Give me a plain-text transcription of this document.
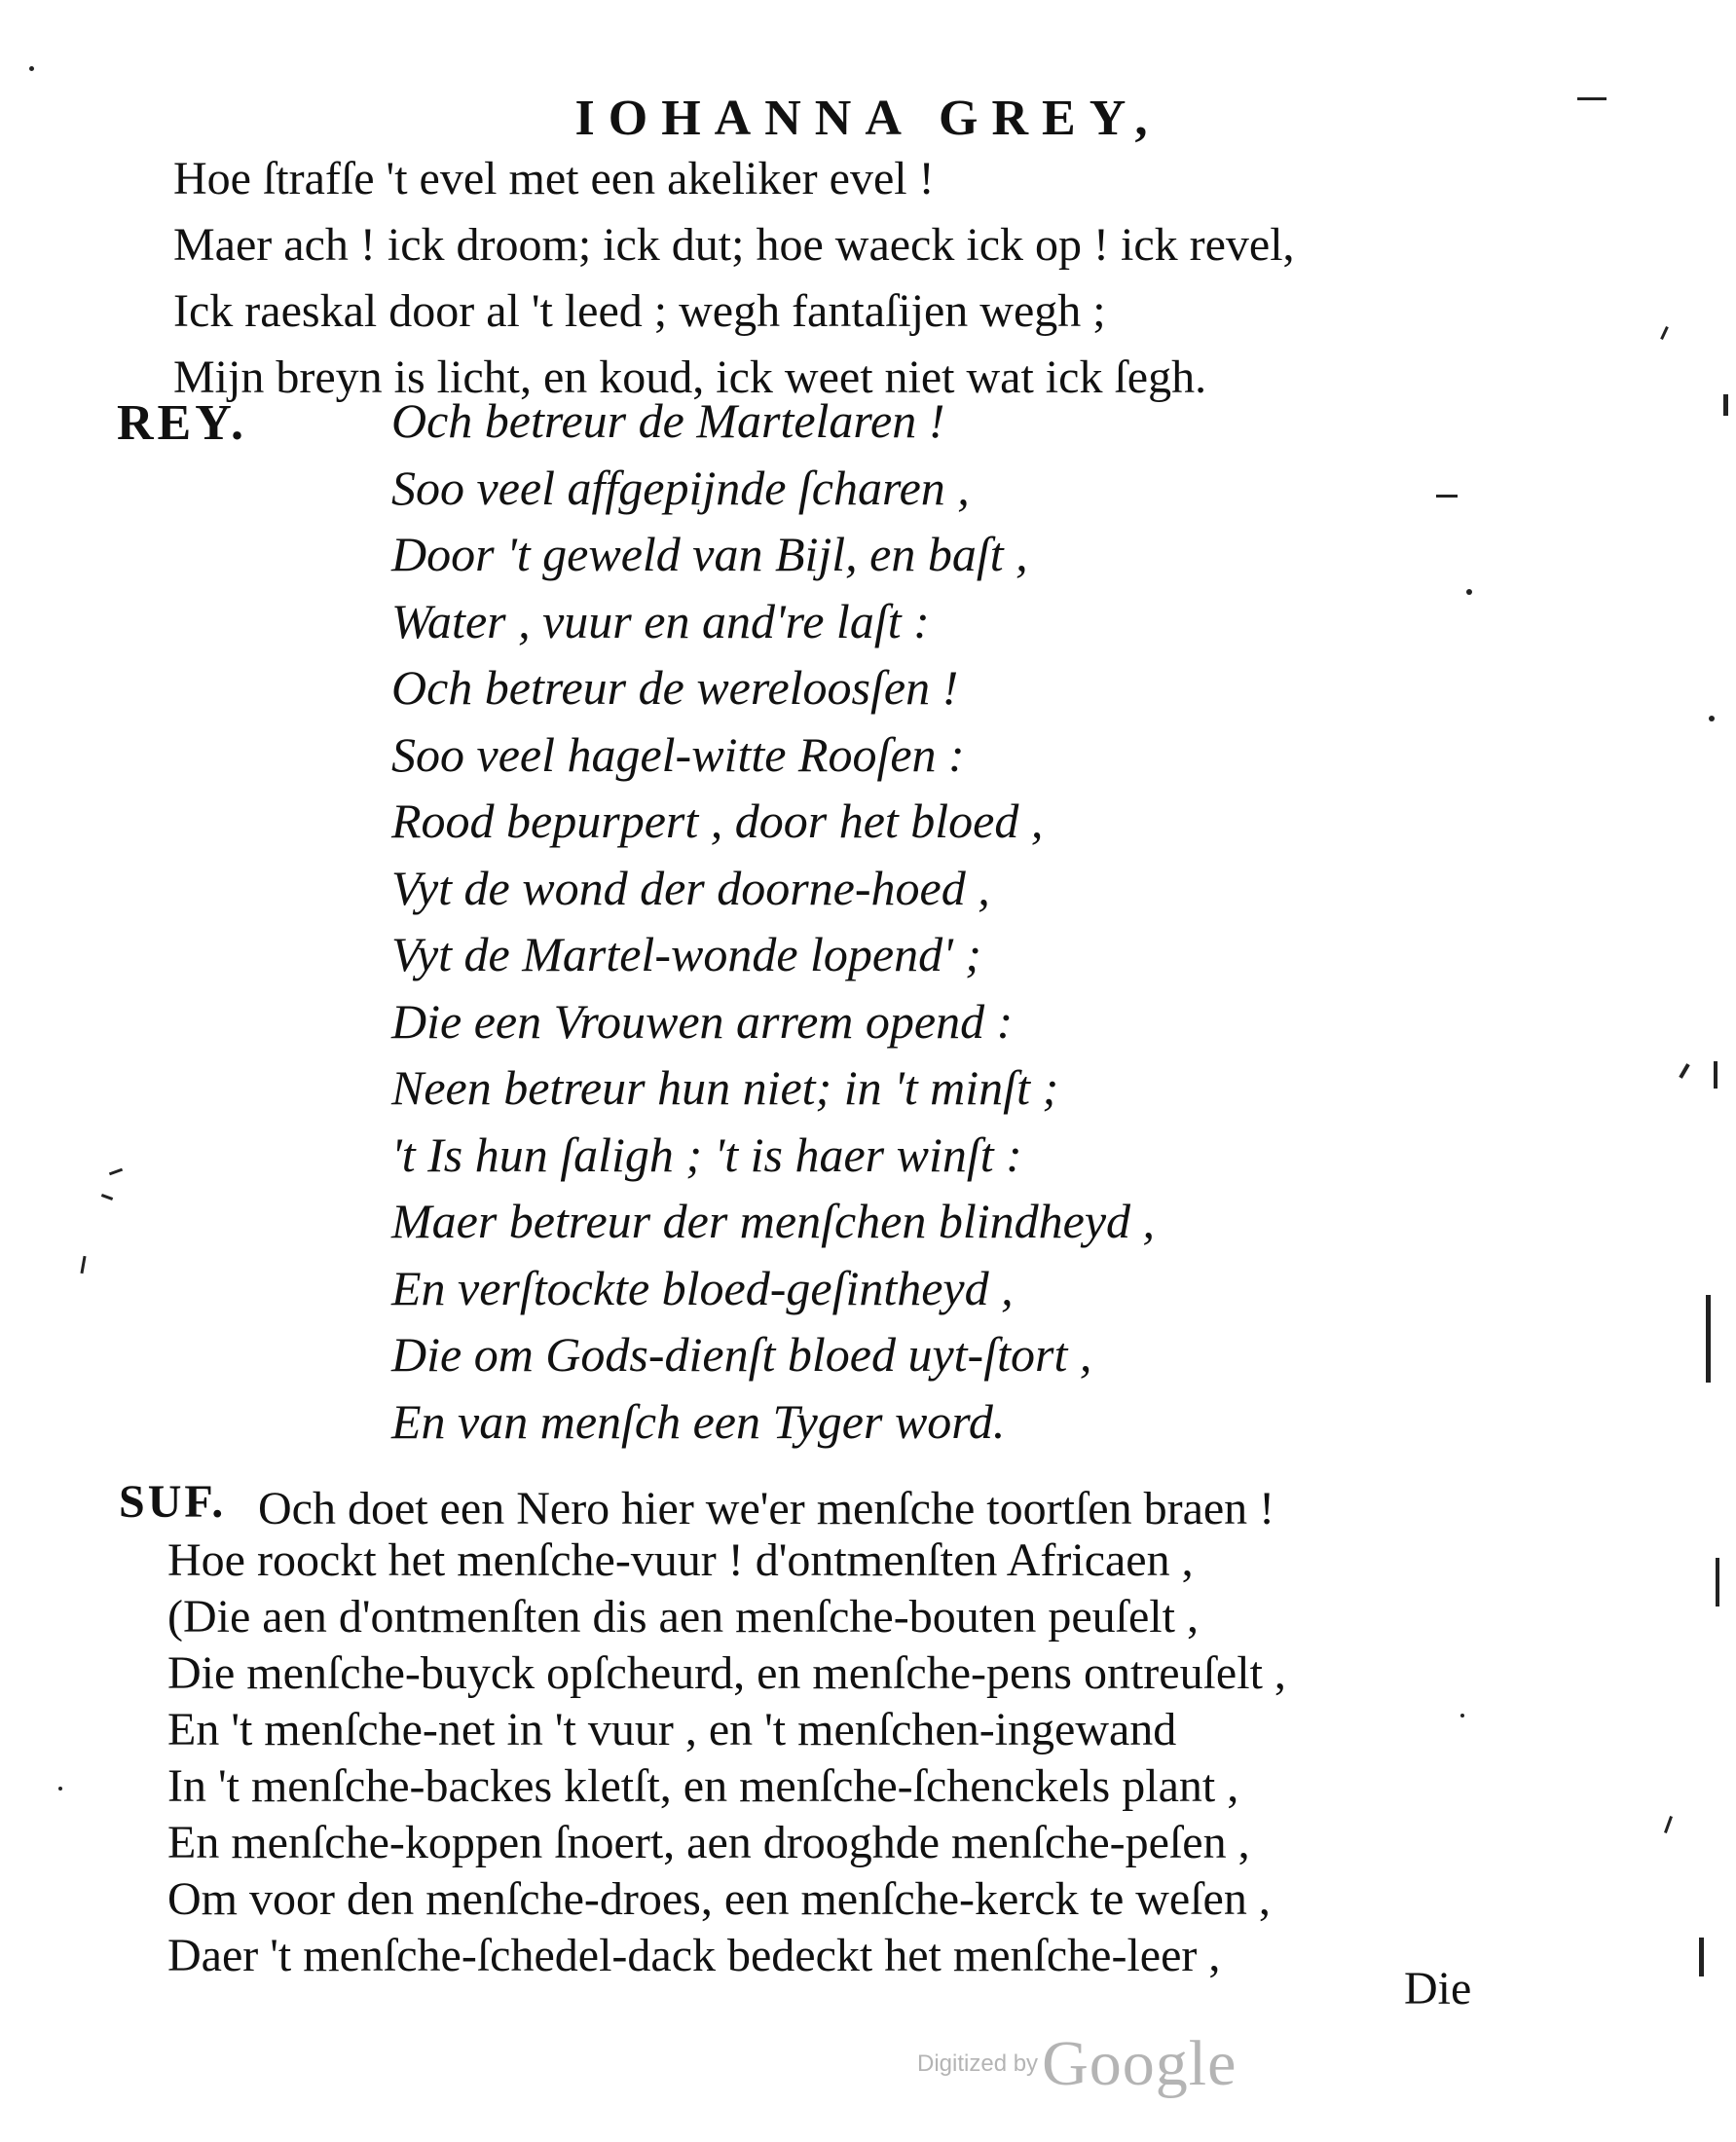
IOHANNA GREY,
Hoe ſtrafſe 't evel met een akeliker evel !
Maer ach ! ick droom; ick dut; hoe waeck ick op ! ick revel,
Ick raeskal door al 't leed ; wegh fantaſijen wegh ;
Mijn breyn is licht, en koud, ick weet niet wat ick ſegh.
REY.	Och betreur de Martelaren !
Soo veel affgepijnde ſcharen ,
Door 't geweld van Bijl, en baſt ,
Water , vuur en and're laſt :
Och betreur de wereloosſen !
Soo veel hagel-witte Rooſen :
Rood bepurpert , door het bloed ,
Vyt de wond der doorne-hoed ,
Vyt de Martel-wonde lopend' ;
Die een Vrouwen arrem opend :
Neen betreur hun niet; in 't minſt ;
't Is hun ſaligh ; 't is haer winſt :
Maer betreur der menſchen blindheyd ,
En verſtockte bloed-geſintheyd ,
Die om Gods-dienſt bloed uyt-ſtort ,
En van menſch een Tyger word.
SUF. Och doet een Nero hier we'er menſche toortſen braen !
Hoe roockt het menſche-vuur ! d'ontmenſten Africaen ,
(Die aen d'ontmenſten dis aen menſche-bouten peuſelt ,
Die menſche-buyck opſcheurd, en menſche-pens ontreuſelt ,
En 't menſche-net in 't vuur , en 't menſchen-ingewand
In 't menſche-backes kletſt, en menſche-ſchenckels plant ,
En menſche-koppen ſnoert, aen drooghde menſche-peſen ,
Om voor den menſche-droes, een menſche-kerck te weſen ,
Daer 't menſche-ſchedel-dack bedeckt het menſche-leer ,
Die
Digitized by Google
